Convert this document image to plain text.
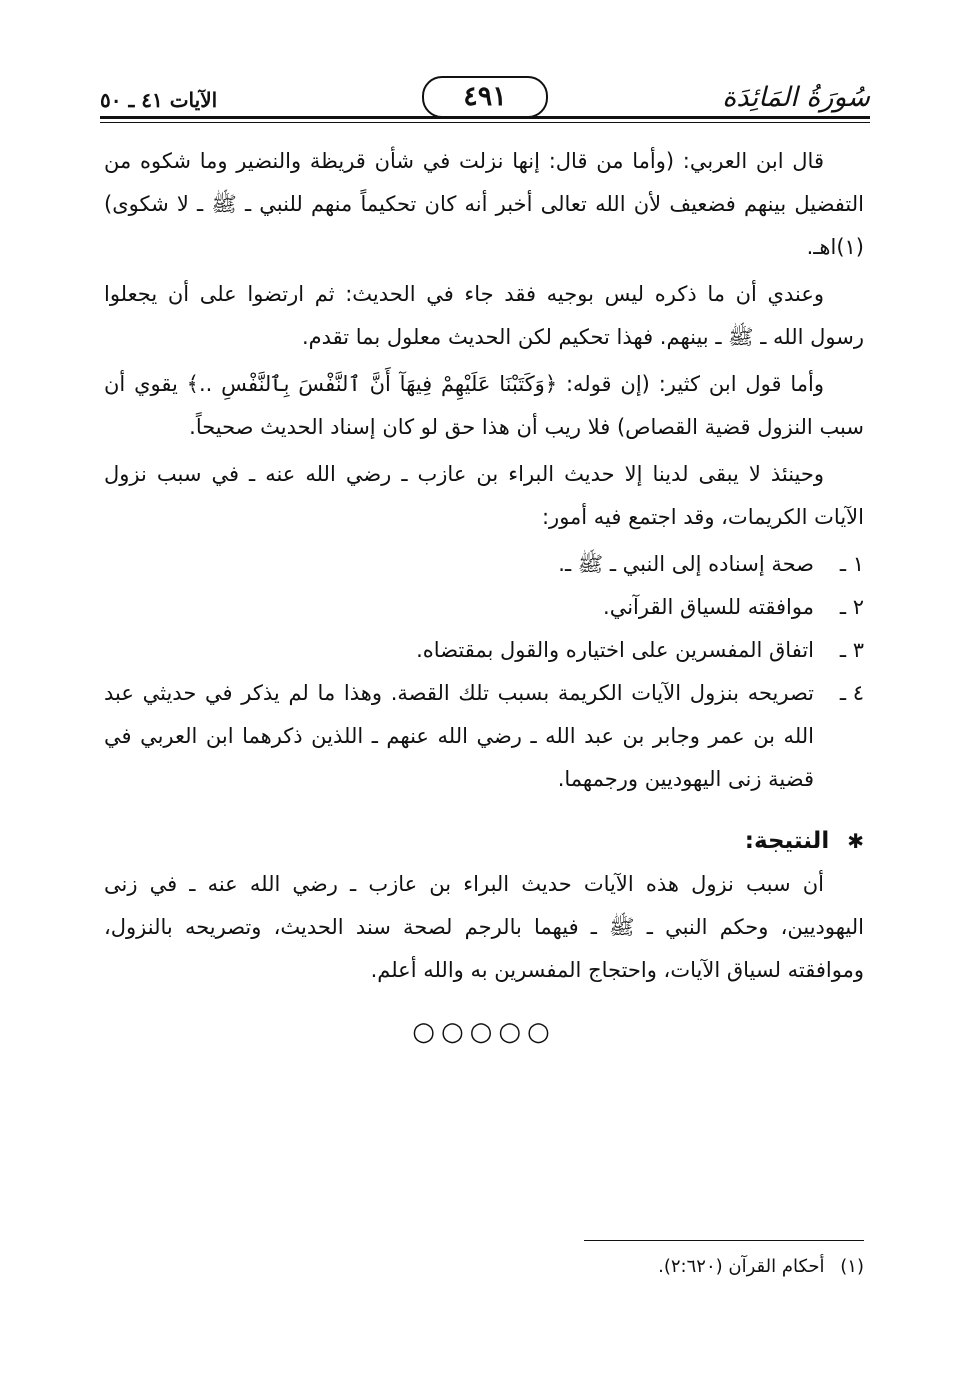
سُورَةُ المَائِدَة
٤٩١
الآيات ٤١ ـ ٥٠

قال ابن العربي: (وأما من قال: إنها نزلت في شأن قريظة والنضير وما شكوه من التفضيل بينهم فضعيف لأن الله تعالى أخبر أنه كان تحكيماً منهم للنبي ـ ﷺ ـ لا شكوى)(١)اهـ.

وعندي أن ما ذكره ليس بوجيه فقد جاء في الحديث: ثم ارتضوا على أن يجعلوا رسول الله ـ ﷺ ـ بينهم. فهذا تحكيم لكن الحديث معلول بما تقدم.

وأما قول ابن كثير: (إن قوله: ﴿وَكَتَبْنَا عَلَيْهِمْ فِيهَآ أَنَّ ٱلنَّفْسَ بِٱلنَّفْسِ ..﴾ يقوي أن سبب النزول قضية القصاص) فلا ريب أن هذا حق لو كان إسناد الحديث صحيحاً.

وحينئذ لا يبقى لدينا إلا حديث البراء بن عازب ـ رضي الله عنه ـ في سبب نزول الآيات الكريمات، وقد اجتمع فيه أمور:

١ ـ
صحة إسناده إلى النبي ـ ﷺ ـ.

٢ ـ
موافقته للسياق القرآني.

٣ ـ
اتفاق المفسرين على اختياره والقول بمقتضاه.

٤ ـ
تصريحه بنزول الآيات الكريمة بسبب تلك القصة. وهذا ما لم يذكر في حديثي عبد الله بن عمر وجابر بن عبد الله ـ رضي الله عنهم ـ اللذين ذكرهما ابن العربي في قضية زنى اليهوديين ورجمهما.

✱ النتيجة:

أن سبب نزول هذه الآيات حديث البراء بن عازب ـ رضي الله عنه ـ في زنى اليهوديين، وحكم النبي ـ ﷺ ـ فيهما بالرجم لصحة سند الحديث، وتصريحه بالنزول، وموافقته لسياق الآيات، واحتجاج المفسرين به والله أعلم.

○○○○○
(١) أحكام القرآن (٢:٦٢٠).
